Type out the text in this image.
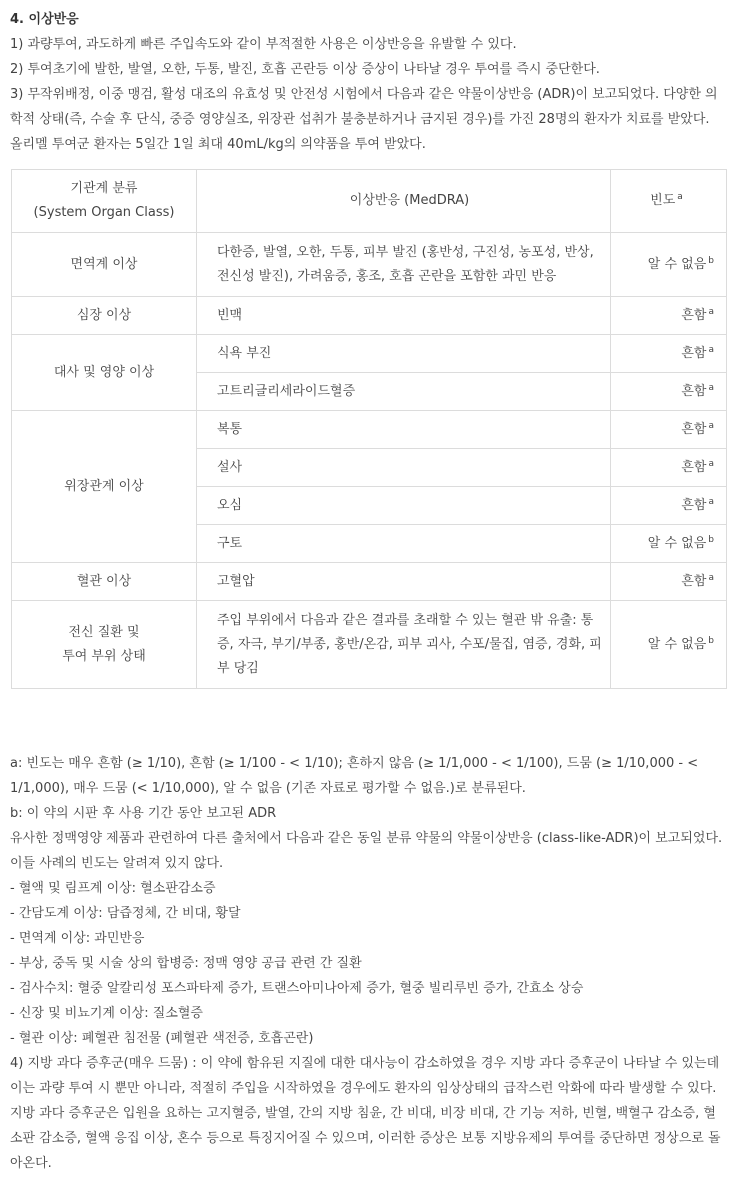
4. 이상반응

1) 과량투여, 과도하게 빠른 주입속도와 같이 부적절한 사용은 이상반응을 유발할 수 있다.

2) 투여초기에 발한, 발열, 오한, 두통, 발진, 호흡 곤란등 이상 증상이 나타날 경우 투여를 즉시 중단한다.

3) 무작위배정, 이중 맹검, 활성 대조의 유효성 및 안전성 시험에서 다음과 같은 약물이상반응 (ADR)이 보고되었다. 다양한 의학적 상태(즉, 수술 후 단식, 중증 영양실조, 위장관 섭취가 불충분하거나 금지된 경우)를 가진 28명의 환자가 치료를 받았다. 올리멜 투여군 환자는 5일간 1일 최대 40mL/kg의 의약품을 투여 받았다.

기관계 분류
(System Organ Class)	이상반응 (MedDRA)	빈도 $^a$
면역계 이상	다한증, 발열, 오한, 두통, 피부 발진 (홍반성, 구진성, 농포성, 반상, 전신성 발진), 가려움증, 홍조, 호흡 곤란을 포함한 과민 반응	알 수 없음 $^b$
심장 이상	빈맥	흔함 $^a$
대사 및 영양 이상	식욕 부진	흔함 $^a$
	고트리글리세라이드혈증	흔함 $^a$
위장관계 이상	복통	흔함 $^a$
	설사	흔함 $^a$
	오심	흔함 $^a$
	구토	알 수 없음 $^b$
혈관 이상	고혈압	흔함 $^a$
전신 질환 및
투여 부위 상태	주입 부위에서 다음과 같은 결과를 초래할 수 있는 혈관 밖 유출: 통증, 자극, 부기/부종, 홍반/온감, 피부 괴사, 수포/물집, 염증, 경화, 피부 당김	알 수 없음 $^b$

a: 빈도는 매우 흔함 (≥ 1/10), 흔함 (≥ 1/100 - < 1/10); 흔하지 않음 (≥ 1/1,000 - < 1/100), 드뭄 (≥ 1/10,000 - < 1/1,000), 매우 드뭄 (< 1/10,000), 알 수 없음 (기존 자료로 평가할 수 없음.)로 분류된다.

b: 이 약의 시판 후 사용 기간 동안 보고된 ADR

유사한 정맥영양 제품과 관련하여 다른 출처에서 다음과 같은 동일 분류 약물의 약물이상반응 (class-like-ADR)이 보고되었다. 이들 사례의 빈도는 알려져 있지 않다.

- 혈액 및 림프계 이상: 혈소판감소증

- 간담도계 이상: 담즙정체, 간 비대, 황달

- 면역계 이상: 과민반응

- 부상, 중독 및 시술 상의 합병증: 정맥 영양 공급 관련 간 질환

- 검사수치: 혈중 알칼리성 포스파타제 증가, 트랜스아미나아제 증가, 혈중 빌리루빈 증가, 간효소 상승

- 신장 및 비뇨기계 이상: 질소혈증

- 혈관 이상: 폐혈관 침전물 (폐혈관 색전증, 호흡곤란)

4) 지방 과다 증후군(매우 드뭄) : 이 약에 함유된 지질에 대한 대사능이 감소하였을 경우 지방 과다 증후군이 나타날 수 있는데 이는 과량 투여 시 뿐만 아니라, 적절히 주입을 시작하였을 경우에도 환자의 임상상태의 급작스런 악화에 따라 발생할 수 있다. 지방 과다 증후군은 입원을 요하는 고지혈증, 발열, 간의 지방 침윤, 간 비대, 비장 비대, 간 기능 저하, 빈혈, 백혈구 감소증, 혈소판 감소증, 혈액 응집 이상, 혼수 등으로 특징지어질 수 있으며, 이러한 증상은 보통 지방유제의 투여를 중단하면 정상으로 돌아온다.
